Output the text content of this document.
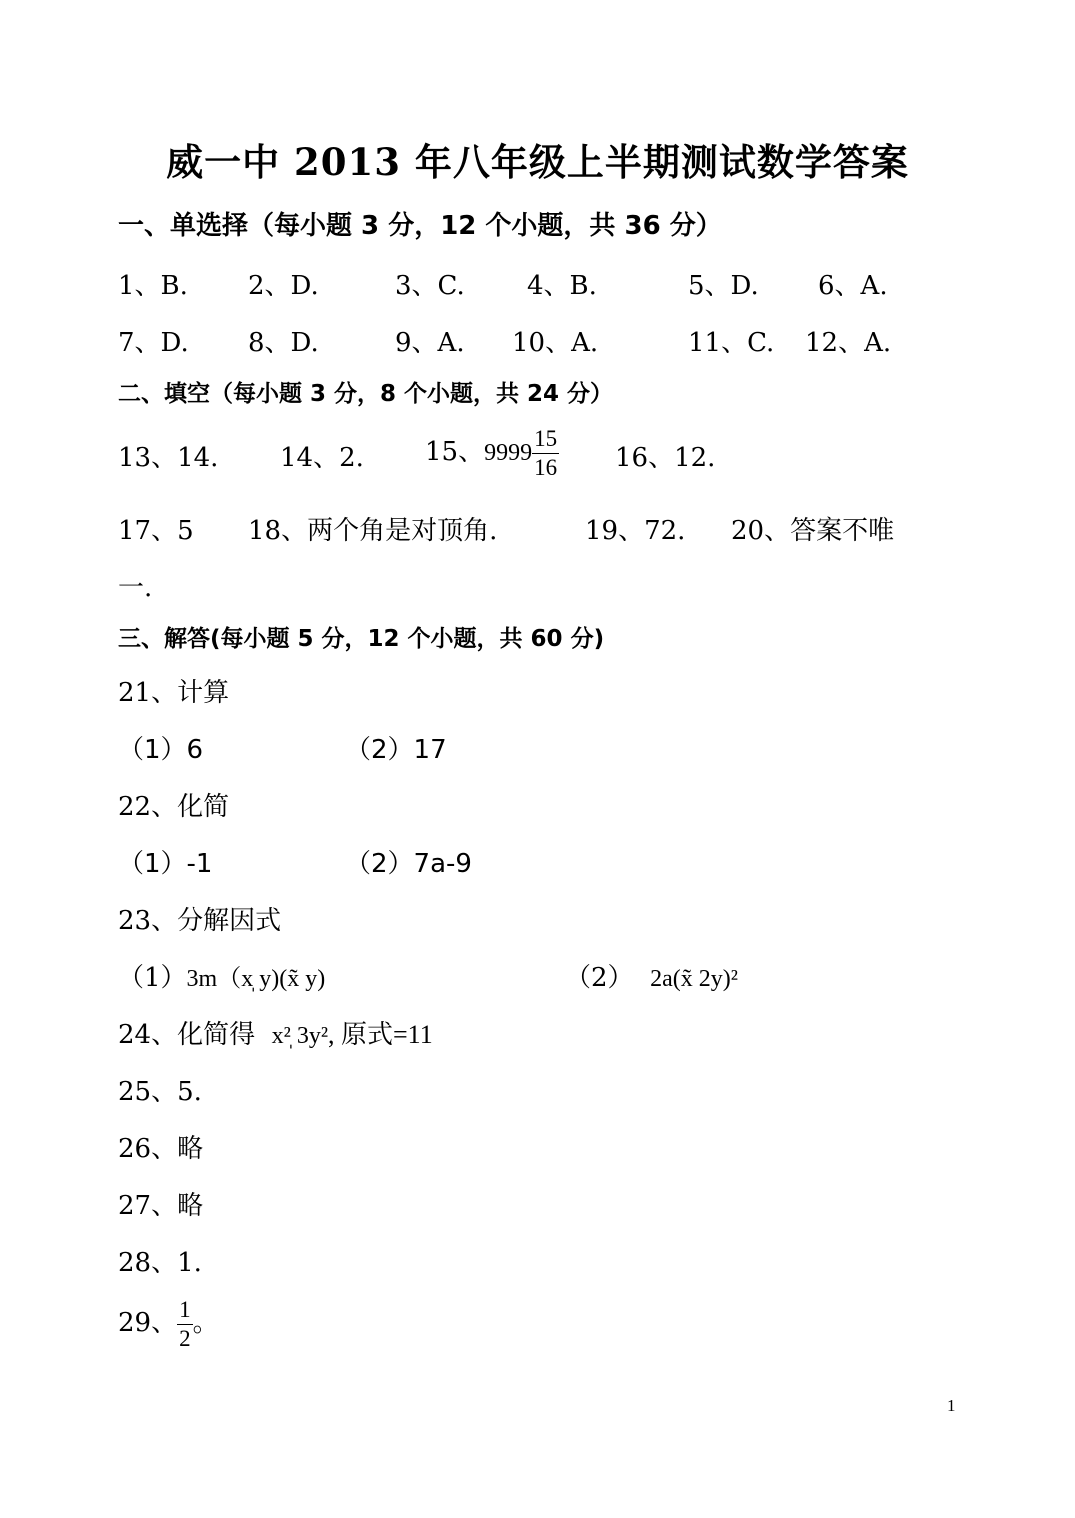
威一中 2013 年八年级上半期测试数学答案
一、单选择（每小题 3 分，12 个小题，共 36 分）
1、B. 2、D.	3、C. 4、B.	5、D. 6、A.
7、D. 8、D.	9、A. 10、A.	11、C. 12、A.
二、填空（每小题 3 分，8 个小题，共 24 分）
13、14. 14、2. 15、$9999 \frac{15}{16} 16$、12.
17、5 18、两个角是对顶角.	19、72. 20、答案不唯
一.
三、解答(每小题 5 分，12 个小题，共 60 分)
21、计算
（1）6	（2）17
22、化简
（1）-1	（2）7a-9
23、分解因式
（1）3m（x̩ y)(x̃ y)	（2） 2a(x̃ 2y)²
24、化简得 x²̩ 3y², 原式=11
25、5.
26、略
27、略
28、1.
29、 $\frac{1}{2}$ 。
1
